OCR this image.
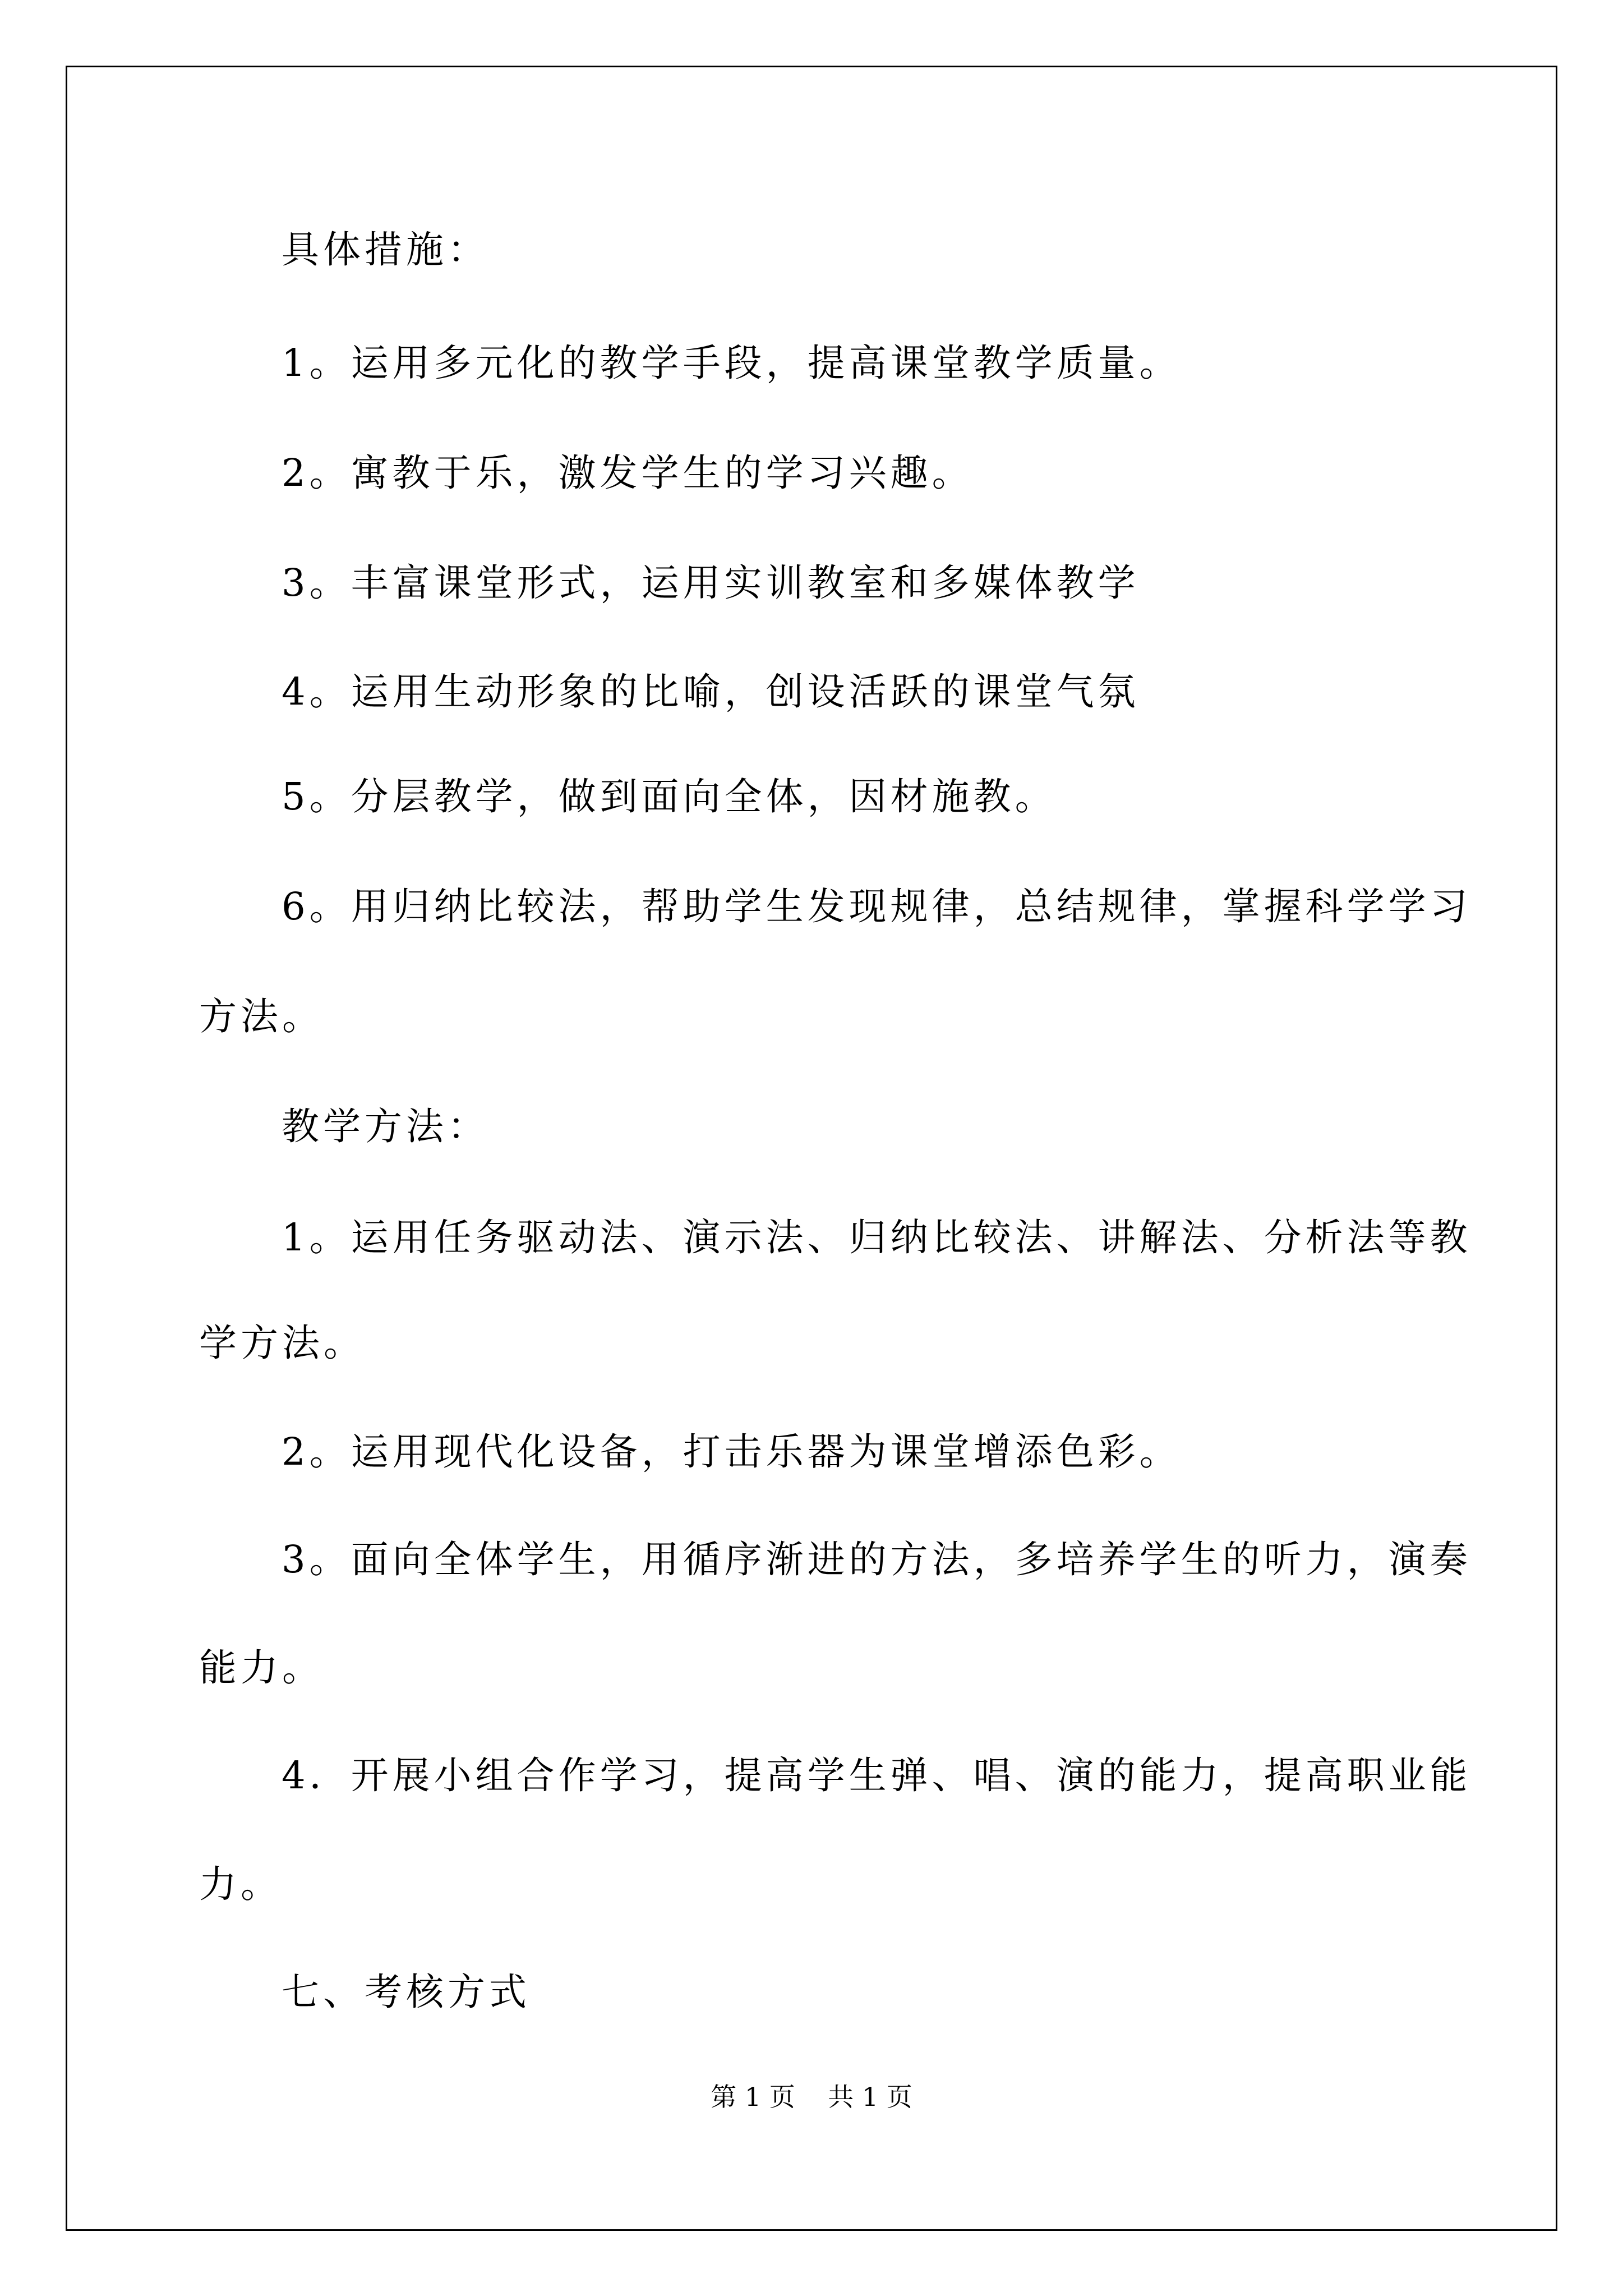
具体措施：
1。运用多元化的教学手段，提高课堂教学质量。
2。寓教于乐，激发学生的学习兴趣。
3。丰富课堂形式，运用实训教室和多媒体教学
4。运用生动形象的比喻，创设活跃的课堂气氛
5。分层教学，做到面向全体，因材施教。
6。用归纳比较法，帮助学生发现规律，总结规律，掌握科学学习
方法。
教学方法：
1。运用任务驱动法、演示法、归纳比较法、讲解法、分析法等教
学方法。
2。运用现代化设备，打击乐器为课堂增添色彩。
3。面向全体学生，用循序渐进的方法，多培养学生的听力，演奏
能力。
4．开展小组合作学习，提高学生弹、唱、演的能力，提高职业能
力。
七、考核方式
第 1 页    共 1 页
